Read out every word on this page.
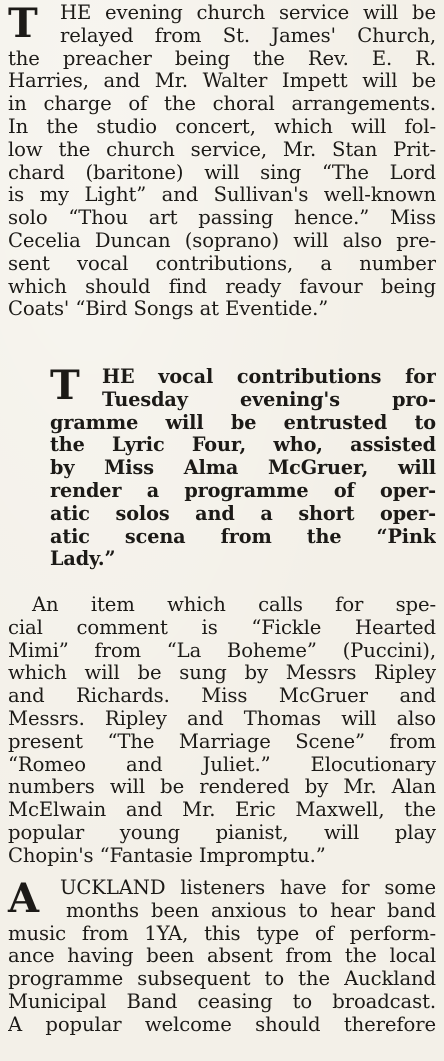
T	HE evening church service will be
relayed from St. James' Church,
the preacher being the Rev. E. R.
Harries, and Mr. Walter Impett will be
in charge of the choral arrangements.
In the studio concert, which will fol-
low the church service, Mr. Stan Prit-
chard (baritone) will sing “The Lord
is my Light” and Sullivan's well-known
solo “Thou art passing hence.” Miss
Cecelia Duncan (soprano) will also pre-
sent vocal contributions, a number
which should find ready favour being
Coats' “Bird Songs at Eventide.”
T	HE vocal contributions for
Tuesday evening's pro-
gramme will be entrusted to
the Lyric Four, who, assisted
by Miss Alma McGruer, will
render a programme of oper-
atic solos and a short oper-
atic scena from the “Pink
Lady.”
An item which calls for spe-
cial comment is “Fickle Hearted
Mimi” from “La Boheme” (Puccini),
which will be sung by Messrs Ripley
and Richards. Miss McGruer and
Messrs. Ripley and Thomas will also
present “The Marriage Scene” from
“Romeo and Juliet.” Elocutionary
numbers will be rendered by Mr. Alan
McElwain and Mr. Eric Maxwell, the
popular young pianist, will play
Chopin's “Fantasie Impromptu.”
A	UCKLAND listeners have for some
months been anxious to hear band
music from 1YA, this type of perform-
ance having been absent from the local
programme subsequent to the Auckland
Municipal Band ceasing to broadcast.
A popular welcome should therefore
